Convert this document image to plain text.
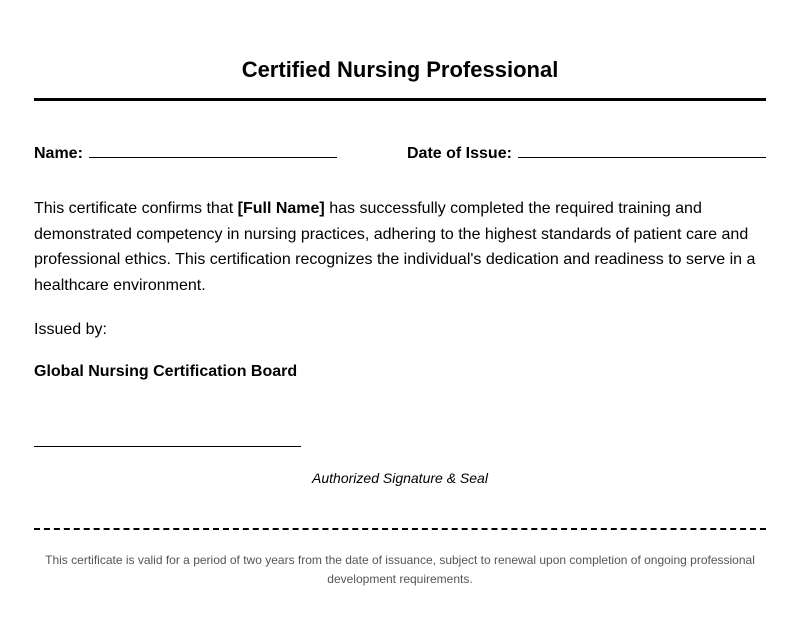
Certified Nursing Professional
Name:	Date of Issue:

This certificate confirms that [Full Name] has successfully completed the required training and demonstrated competency in nursing practices, adhering to the highest standards of patient care and professional ethics. This certification recognizes the individual's dedication and readiness to serve in a healthcare environment.

Issued by:
Global Nursing Certification Board
Authorized Signature & Seal

This certificate is valid for a period of two years from the date of issuance, subject to renewal upon completion of ongoing professional development requirements.
